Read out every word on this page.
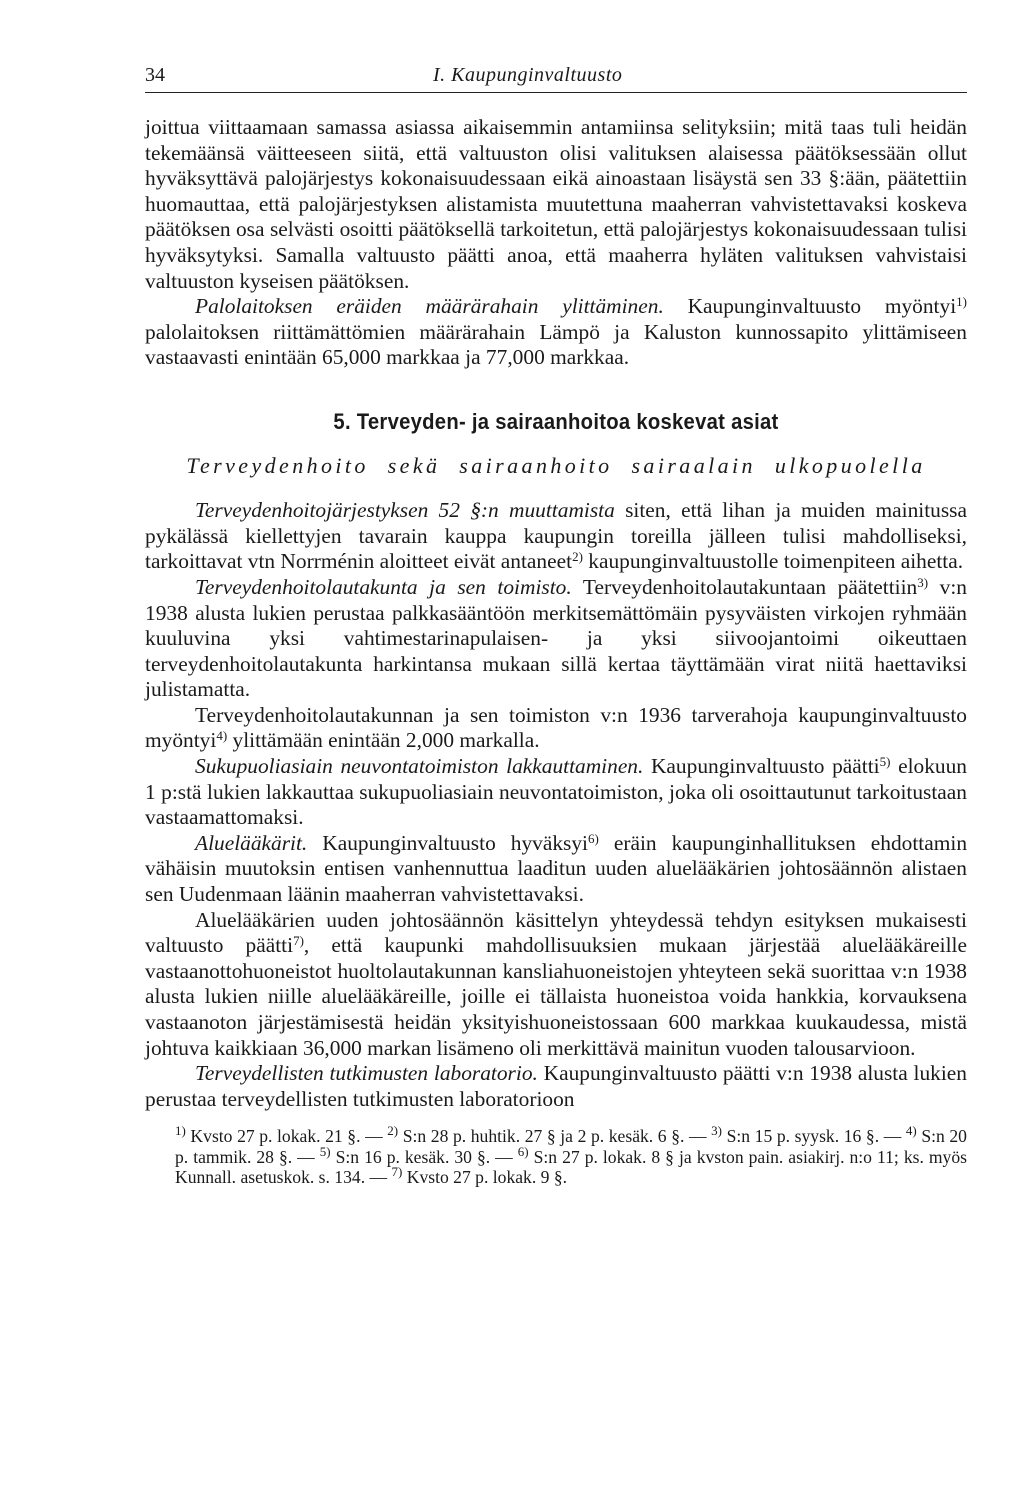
34	I. Kaupunginvaltuusto

joittua viittaamaan samassa asiassa aikaisemmin antamiinsa selityksiin; mitä taas tuli heidän tekemäänsä väitteeseen siitä, että valtuuston olisi valituksen alaisessa päätöksessään ollut hyväksyttävä palojärjestys kokonaisuudessaan eikä ainoastaan lisäystä sen 33 §:ään, päätettiin huomauttaa, että palojärjestyksen alistamista muutettuna maaherran vahvistettavaksi koskeva päätöksen osa selvästi osoitti päätöksellä tarkoitetun, että palojärjestys kokonaisuudessaan tulisi hyväksytyksi. Samalla valtuusto päätti anoa, että maaherra hyläten valituksen vahvistaisi valtuuston kyseisen päätöksen.

Palolaitoksen eräiden määrärahain ylittäminen. Kaupunginvaltuusto myöntyi$^{1)}$ palolaitoksen riittämättömien määrärahain Lämpö ja Kaluston kunnossapito ylittämiseen vastaavasti enintään 65,000 markkaa ja 77,000 markkaa.

5. Terveyden- ja sairaanhoitoa koskevat asiat
Terveydenhoito sekä sairaanhoito sairaalain ulkopuolella

Terveydenhoitojärjestyksen 52 §:n muuttamista siten, että lihan ja muiden mainitussa pykälässä kiellettyjen tavarain kauppa kaupungin toreilla jälleen tulisi mahdolliseksi, tarkoittavat vtn Norrménin aloitteet eivät antaneet$^{2)}$ kaupunginvaltuustolle toimenpiteen aihetta.

Terveydenhoitolautakunta ja sen toimisto. Terveydenhoitolautakuntaan päätettiin$^{3)}$ v:n 1938 alusta lukien perustaa palkkasääntöön merkitsemättömäin pysyväisten virkojen ryhmään kuuluvina yksi vahtimestarinapulaisen- ja yksi siivoojantoimi oikeuttaen terveydenhoitolautakunta harkintansa mukaan sillä kertaa täyttämään virat niitä haettaviksi julistamatta.

Terveydenhoitolautakunnan ja sen toimiston v:n 1936 tarverahoja kaupunginvaltuusto myöntyi$^{4)}$ ylittämään enintään 2,000 markalla.

Sukupuoliasiain neuvontatoimiston lakkauttaminen. Kaupunginvaltuusto päätti$^{5)}$ elokuun 1 p:stä lukien lakkauttaa sukupuoliasiain neuvontatoimiston, joka oli osoittautunut tarkoitustaan vastaamattomaksi.

Aluelääkärit. Kaupunginvaltuusto hyväksyi$^{6)}$ eräin kaupunginhallituksen ehdottamin vähäisin muutoksin entisen vanhennuttua laaditun uuden aluelääkärien johtosäännön alistaen sen Uudenmaan läänin maaherran vahvistettavaksi.

Aluelääkärien uuden johtosäännön käsittelyn yhteydessä tehdyn esityksen mukaisesti valtuusto päätti$^{7)}$, että kaupunki mahdollisuuksien mukaan järjestää aluelääkäreille vastaanottohuoneistot huoltolautakunnan kansliahuoneistojen yhteyteen sekä suorittaa v:n 1938 alusta lukien niille aluelääkäreille, joille ei tällaista huoneistoa voida hankkia, korvauksena vastaanoton järjestämisestä heidän yksityishuoneistossaan 600 markkaa kuukaudessa, mistä johtuva kaikkiaan 36,000 markan lisämeno oli merkittävä mainitun vuoden talousarvioon.

Terveydellisten tutkimusten laboratorio. Kaupunginvaltuusto päätti v:n 1938 alusta lukien perustaa terveydellisten tutkimusten laboratorioon

$^{1)}$ Kvsto 27 p. lokak. 21 §. — $^{2)}$ S:n 28 p. huhtik. 27 § ja 2 p. kesäk. 6 §. — $^{3)}$ S:n 15 p. syysk. 16 §. — $^{4)}$ S:n 20 p. tammik. 28 §. — $^{5)}$ S:n 16 p. kesäk. 30 §. — $^{6)}$ S:n 27 p. lokak. 8 § ja kvston pain. asiakirj. n:o 11; ks. myös Kunnall. asetuskok. s. 134. — $^{7)}$ Kvsto 27 p. lokak. 9 §.
